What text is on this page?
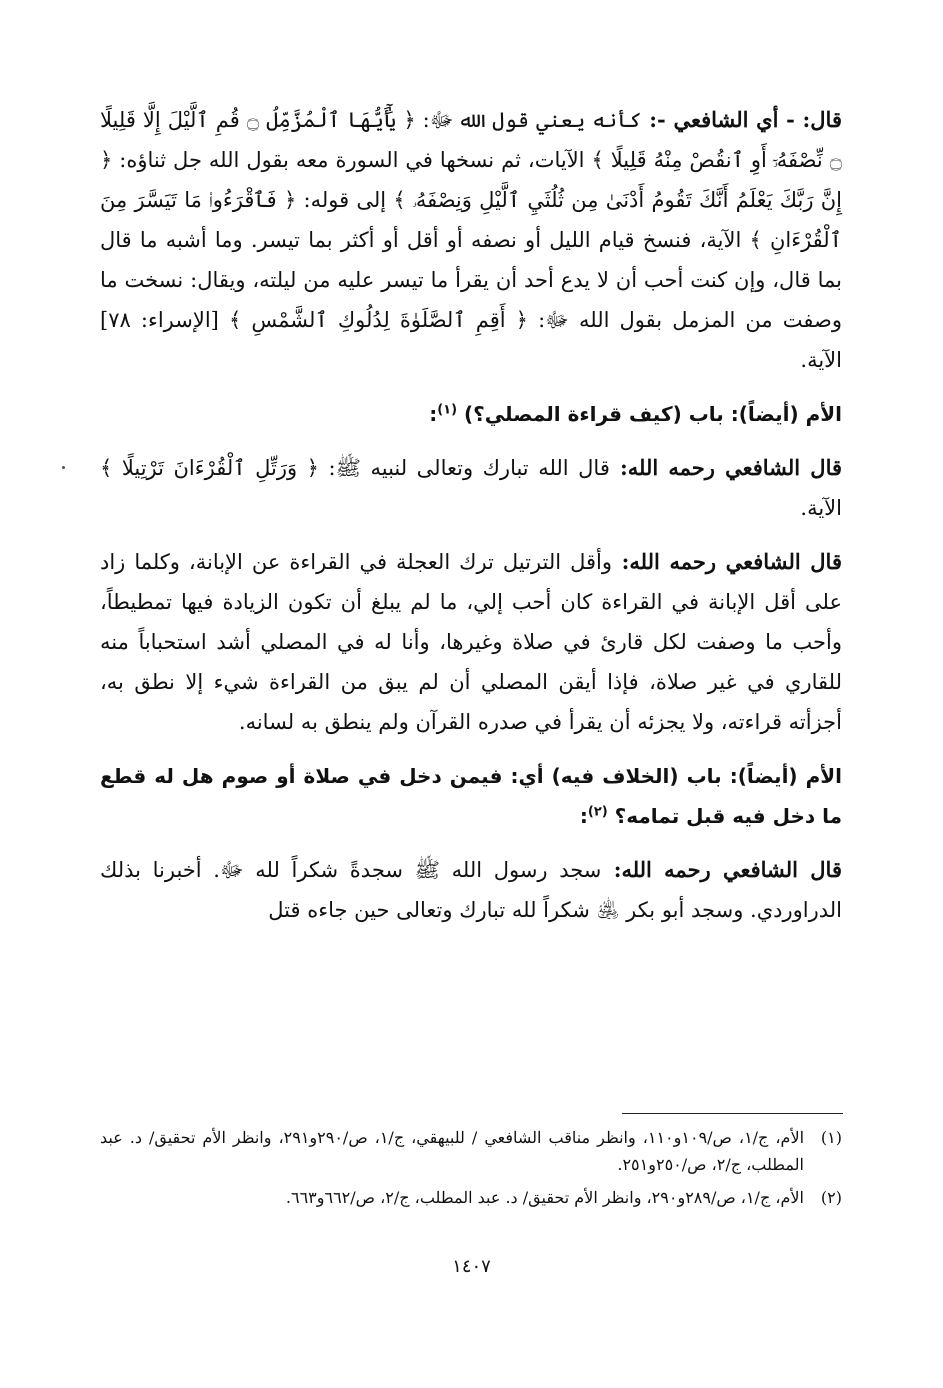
قال: - أي الشافعي -: كأنه يعني قول الله ﷻ: ﴿ يَٰٓأَيُّهَا ٱلْمُزَّمِّلُ ۝ قُمِ ٱلَّيْلَ إِلَّا قَلِيلًا ۝ نِّصْفَهُۥٓ أَوِ ٱنقُصْ مِنْهُ قَلِيلًا ﴾ الآيات، ثم نسخها في السورة معه بقول الله جل ثناؤه: ﴿ إِنَّ رَبَّكَ يَعْلَمُ أَنَّكَ تَقُومُ أَدْنَىٰ مِن ثُلُثَيِ ٱلَّيْلِ وَنِصْفَهُۥ ﴾ إلى قوله: ﴿ فَٱقْرَءُوا۟ مَا تَيَسَّرَ مِنَ ٱلْقُرْءَانِ ﴾ الآية، فنسخ قيام الليل أو نصفه أو أقل أو أكثر بما تيسر. وما أشبه ما قال بما قال، وإن كنت أحب أن لا يدع أحد أن يقرأ ما تيسر عليه من ليلته، ويقال: نسخت ما وصفت من المزمل بقول الله ﷻ: ﴿ أَقِمِ ٱلصَّلَوٰةَ لِدُلُوكِ ٱلشَّمْسِ ﴾ [الإسراء: ٧٨] الآية.

الأم (أيضاً): باب (كيف قراءة المصلي؟) $^{(١)}$:

قال الشافعي رحمه الله: قال الله تبارك وتعالى لنبيه ﷺ: ﴿ وَرَتِّلِ ٱلْقُرْءَانَ تَرْتِيلًا ﴾ الآية.

قال الشافعي رحمه الله: وأقل الترتيل ترك العجلة في القراءة عن الإبانة، وكلما زاد على أقل الإبانة في القراءة كان أحب إلي، ما لم يبلغ أن تكون الزيادة فيها تمطيطاً، وأحب ما وصفت لكل قارئ في صلاة وغيرها، وأنا له في المصلي أشد استحباباً منه للقاري في غير صلاة، فإذا أيقن المصلي أن لم يبق من القراءة شيء إلا نطق به، أجزأته قراءته، ولا يجزئه أن يقرأ في صدره القرآن ولم ينطق به لسانه.

الأم (أيضاً): باب (الخلاف فيه) أي: فيمن دخل في صلاة أو صوم هل له قطع ما دخل فيه قبل تمامه؟ $^{(٢)}$:

قال الشافعي رحمه الله: سجد رسول الله ﷺ سجدةً شكراً لله ﷻ. أخبرنا بذلك الدراوردي. وسجد أبو بكر ﵁ شكراً لله تبارك وتعالى حين جاءه قتل

(١)
الأم، ج/١، ص/١٠٩و١١٠، وانظر مناقب الشافعي / للبيهقي، ج/١، ص/٢٩٠و٢٩١، وانظر الأم تحقيق/ د. عبد المطلب، ج/٢، ص/٢٥٠و٢٥١.

(٢)
الأم، ج/١، ص/٢٨٩و٢٩٠، وانظر الأم تحقيق/ د. عبد المطلب، ج/٢، ص/٦٦٢و٦٦٣.

١٤٠٧
